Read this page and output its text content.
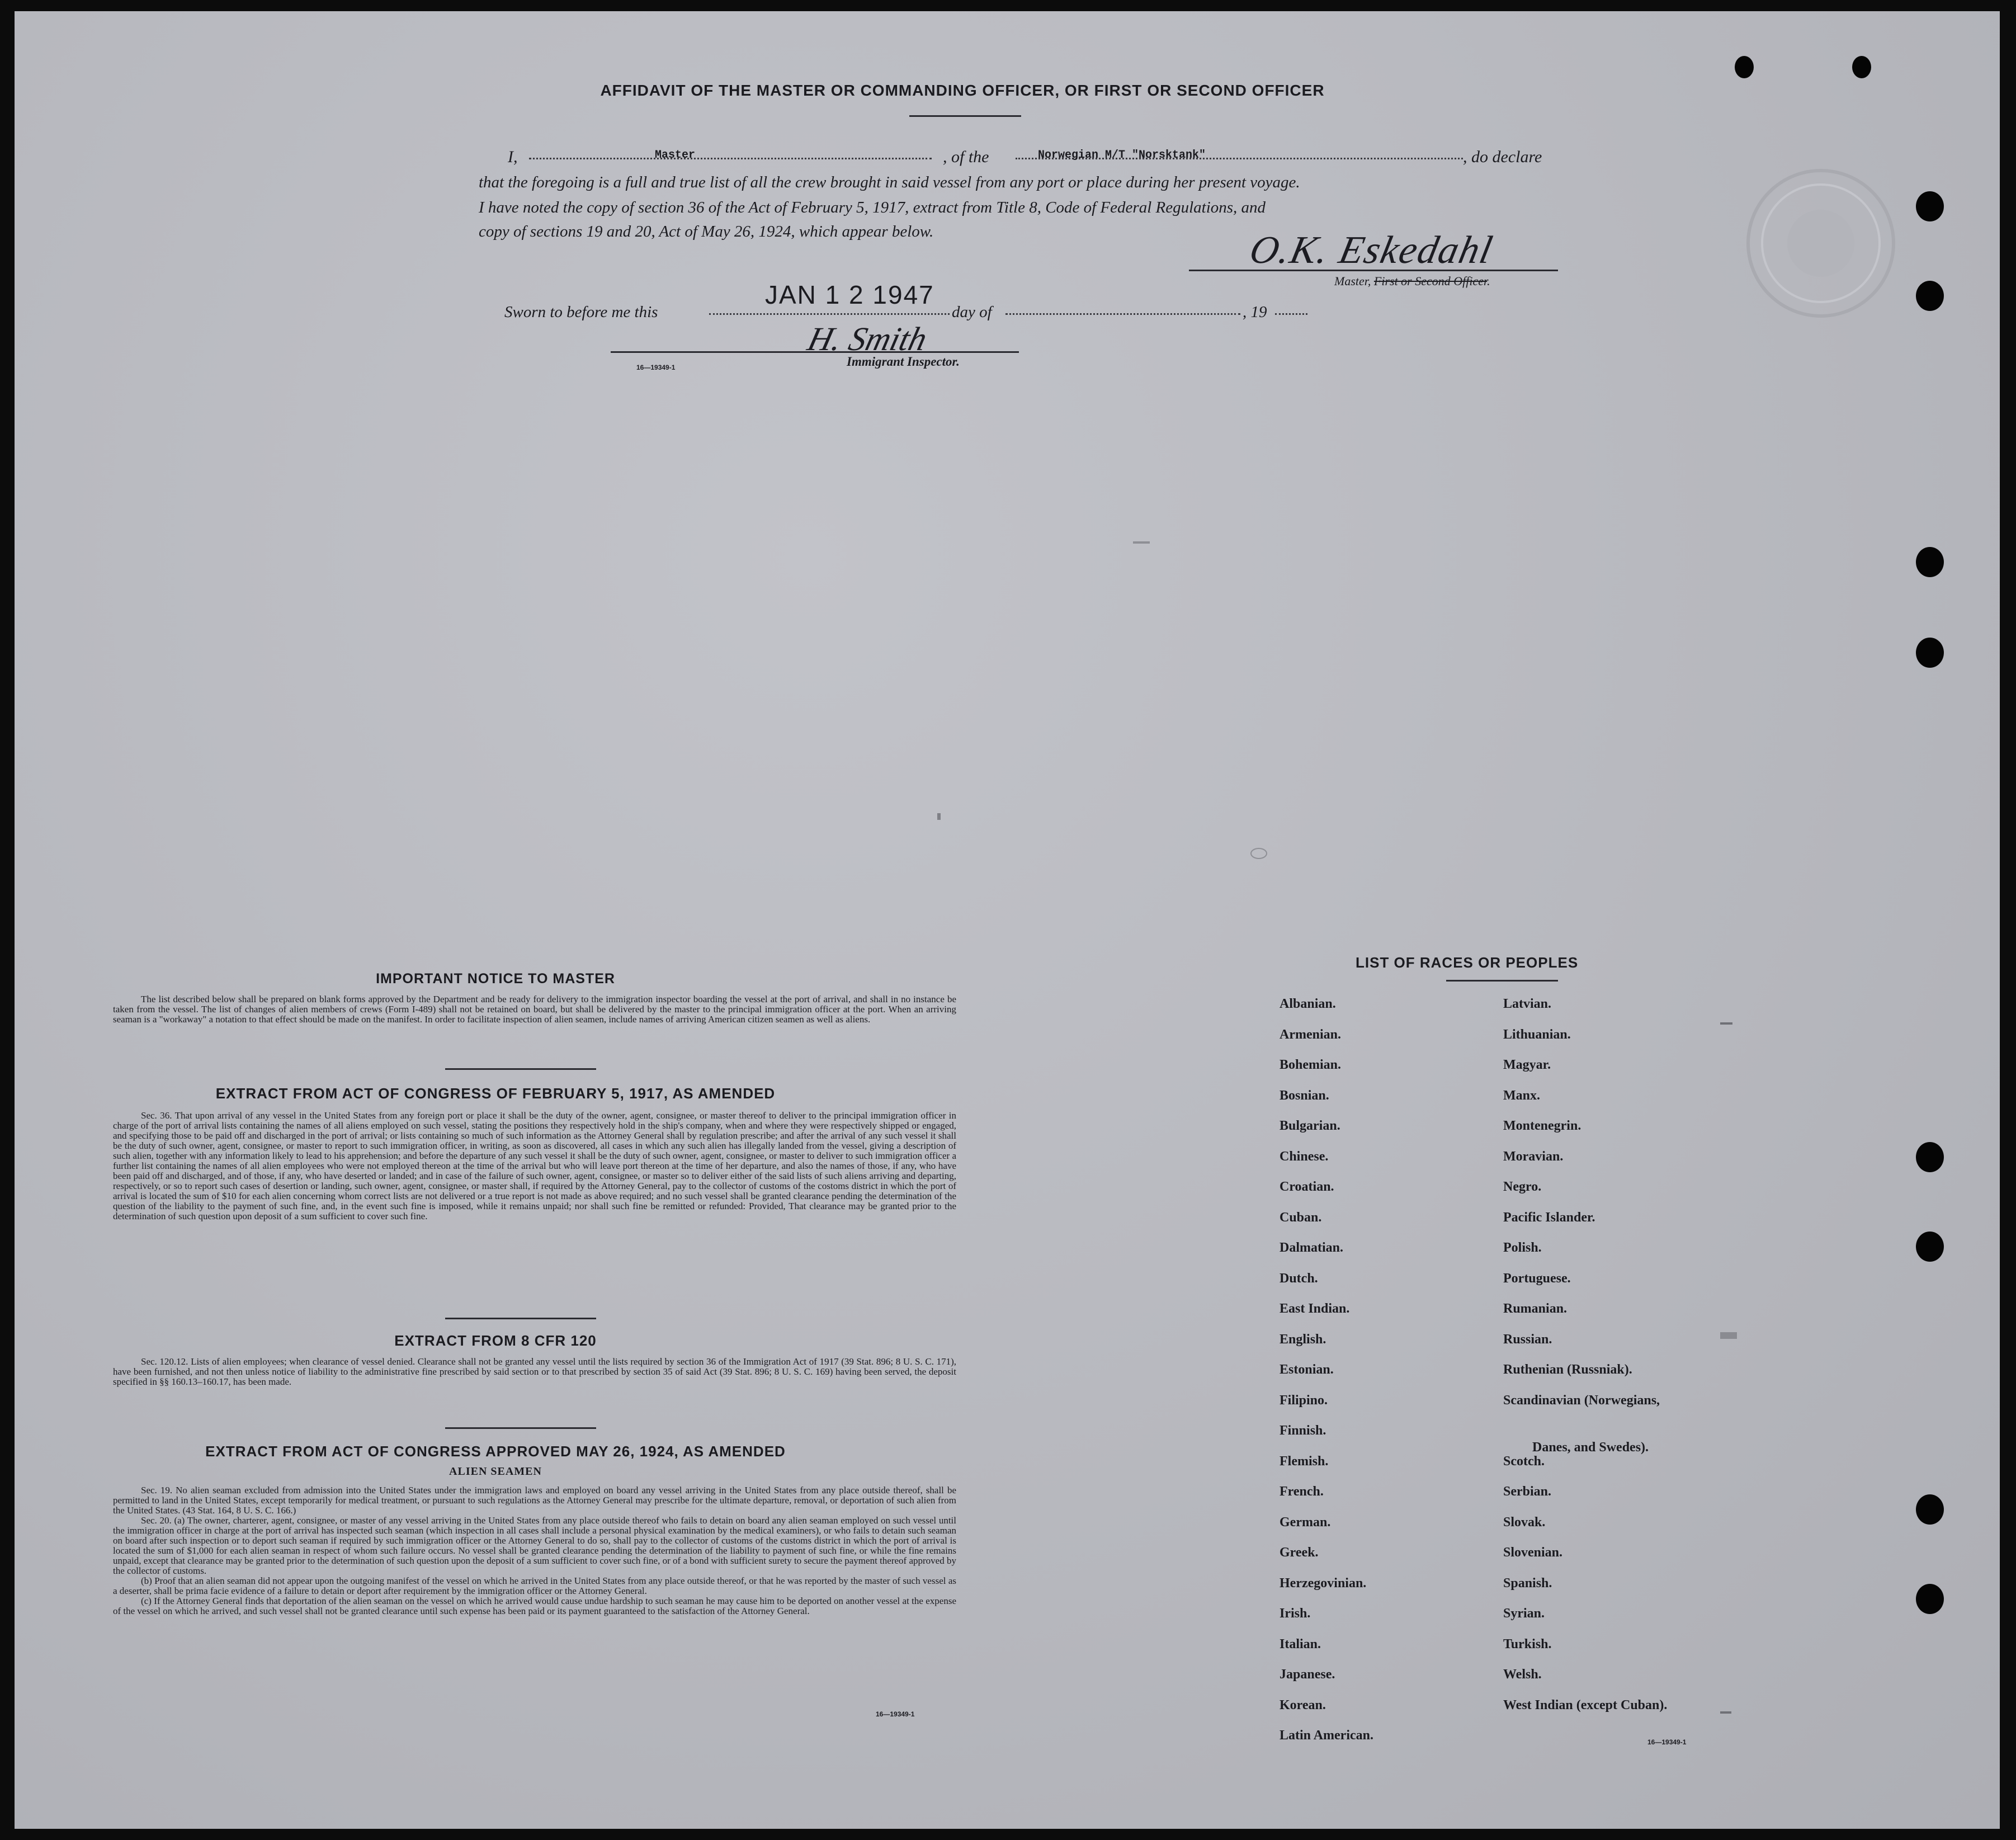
AFFIDAVIT OF THE MASTER OR COMMANDING OFFICER, OR FIRST OR SECOND OFFICER
I,	Master	, of the	Norwegian M/T "Norsktank"	, do declare
that the foregoing is a full and true list of all the crew brought in said vessel from any port or place during her present voyage.
I have noted the copy of section 36 of the Act of February 5, 1917, extract from Title 8, Code of Federal Regulations, and
copy of sections 19 and 20, Act of May 26, 1924, which appear below.	O.K. Eskedahl
Master, First or Second Officer.
Sworn to before me this
JAN 1 2 1947
day of	, 19
H. Smith
Immigrant Inspector.
16—19349-1
IMPORTANT NOTICE TO MASTER

The list described below shall be prepared on blank forms approved by the Department and be ready for delivery to the immigration inspector boarding the vessel at the port of arrival, and shall in no instance be taken from the vessel. The list of changes of alien members of crews (Form I-489) shall not be retained on board, but shall be delivered by the master to the principal immigration officer at the port. When an arriving seaman is a "workaway" a notation to that effect should be made on the manifest. In order to facilitate inspection of alien seamen, include names of arriving American citizen seamen as well as aliens.

EXTRACT FROM ACT OF CONGRESS OF FEBRUARY 5, 1917, AS AMENDED

Sec. 36. That upon arrival of any vessel in the United States from any foreign port or place it shall be the duty of the owner, agent, consignee, or master thereof to deliver to the principal immigration officer in charge of the port of arrival lists containing the names of all aliens employed on such vessel, stating the positions they respectively hold in the ship's company, when and where they were respectively shipped or engaged, and specifying those to be paid off and discharged in the port of arrival; or lists containing so much of such information as the Attorney General shall by regulation prescribe; and after the arrival of any such vessel it shall be the duty of such owner, agent, consignee, or master to report to such immigration officer, in writing, as soon as discovered, all cases in which any such alien has illegally landed from the vessel, giving a description of such alien, together with any information likely to lead to his apprehension; and before the departure of any such vessel it shall be the duty of such owner, agent, consignee, or master to deliver to such immigration officer a further list containing the names of all alien employees who were not employed thereon at the time of the arrival but who will leave port thereon at the time of her departure, and also the names of those, if any, who have been paid off and discharged, and of those, if any, who have deserted or landed; and in case of the failure of such owner, agent, consignee, or master so to deliver either of the said lists of such aliens arriving and departing, respectively, or so to report such cases of desertion or landing, such owner, agent, consignee, or master shall, if required by the Attorney General, pay to the collector of customs of the costoms district in which the port of arrival is located the sum of $10 for each alien concerning whom correct lists are not delivered or a true report is not made as above required; and no such vessel shall be granted clearance pending the determination of the question of the liability to the payment of such fine, and, in the event such fine is imposed, while it remains unpaid; nor shall such fine be remitted or refunded: Provided, That clearance may be granted prior to the determination of such question upon deposit of a sum sufficient to cover such fine.

EXTRACT FROM 8 CFR 120

Sec. 120.12. Lists of alien employees; when clearance of vessel denied. Clearance shall not be granted any vessel until the lists required by section 36 of the Immigration Act of 1917 (39 Stat. 896; 8 U. S. C. 171), have been furnished, and not then unless notice of liability to the administrative fine prescribed by said section or to that prescribed by section 35 of said Act (39 Stat. 896; 8 U. S. C. 169) having been served, the deposit specified in §§ 160.13–160.17, has been made.

EXTRACT FROM ACT OF CONGRESS APPROVED MAY 26, 1924, AS AMENDED
ALIEN SEAMEN

Sec. 19. No alien seaman excluded from admission into the United States under the immigration laws and employed on board any vessel arriving in the United States from any place outside thereof, shall be permitted to land in the United States, except temporarily for medical treatment, or pursuant to such regulations as the Attorney General may prescribe for the ultimate departure, removal, or deportation of such alien from the United States. (43 Stat. 164, 8 U. S. C. 166.)

Sec. 20. (a) The owner, charterer, agent, consignee, or master of any vessel arriving in the United States from any place outside thereof who fails to detain on board any alien seaman employed on such vessel until the immigration officer in charge at the port of arrival has inspected such seaman (which inspection in all cases shall include a personal physical examination by the medical examiners), or who fails to detain such seaman on board after such inspection or to deport such seaman if required by such immigration officer or the Attorney General to do so, shall pay to the collector of customs of the customs district in which the port of arrival is located the sum of $1,000 for each alien seaman in respect of whom such failure occurs. No vessel shall be granted clearance pending the determination of the liability to payment of such fine, or while the fine remains unpaid, except that clearance may be granted prior to the determination of such question upon the deposit of a sum sufficient to cover such fine, or of a bond with sufficient surety to secure the payment thereof approved by the collector of customs.

(b) Proof that an alien seaman did not appear upon the outgoing manifest of the vessel on which he arrived in the United States from any place outside thereof, or that he was reported by the master of such vessel as a deserter, shall be prima facie evidence of a failure to detain or deport after requirement by the immigration officer or the Attorney General.

(c) If the Attorney General finds that deportation of the alien seaman on the vessel on which he arrived would cause undue hardship to such seaman he may cause him to be deported on another vessel at the expense of the vessel on which he arrived, and such vessel shall not be granted clearance until such expense has been paid or its payment guaranteed to the satisfaction of the Attorney General.

16—19349-1
LIST OF RACES OR PEOPLES
16—19349-1
Albanian.
Armenian.
Bohemian.
Bosnian.
Bulgarian.
Chinese.
Croatian.
Cuban.
Dalmatian.
Dutch.
East Indian.
English.
Estonian.
Filipino.
Finnish.
Flemish.
French.
German.
Greek.
Herzegovinian.
Irish.
Italian.
Japanese.
Korean.
Latin American.
Latvian.
Lithuanian.
Magyar.
Manx.
Montenegrin.
Moravian.
Negro.
Pacific Islander.
Polish.
Portuguese.
Rumanian.
Russian.
Ruthenian (Russniak).
Scandinavian (Norwegians,
Danes, and Swedes).
Scotch.
Serbian.
Slovak.
Slovenian.
Spanish.
Syrian.
Turkish.
Welsh.
West Indian (except Cuban).
